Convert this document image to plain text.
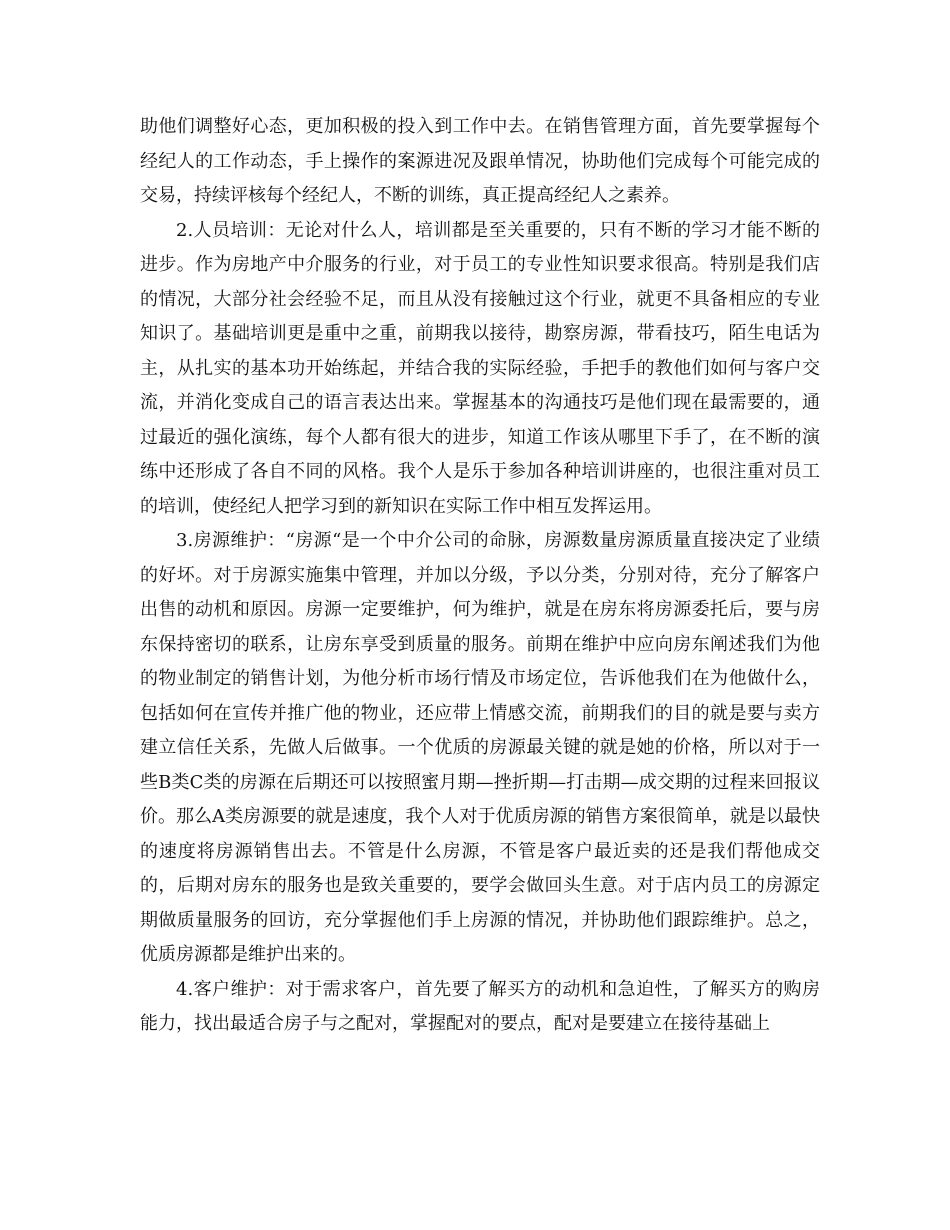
助他们调整好心态，更加积极的投入到工作中去。在销售管理方面，首先要掌握每个经纪人的工作动态，手上操作的案源进况及跟单情况，协助他们完成每个可能完成的交易，持续评核每个经纪人，不断的训练，真正提高经纪人之素养。

2.人员培训：无论对什么人，培训都是至关重要的，只有不断的学习才能不断的进步。作为房地产中介服务的行业，对于员工的专业性知识要求很高。特别是我们店的情况，大部分社会经验不足，而且从没有接触过这个行业，就更不具备相应的专业知识了。基础培训更是重中之重，前期我以接待，勘察房源，带看技巧，陌生电话为主，从扎实的基本功开始练起，并结合我的实际经验，手把手的教他们如何与客户交流，并消化变成自己的语言表达出来。掌握基本的沟通技巧是他们现在最需要的，通过最近的强化演练，每个人都有很大的进步，知道工作该从哪里下手了，在不断的演练中还形成了各自不同的风格。我个人是乐于参加各种培训讲座的，也很注重对员工的培训，使经纪人把学习到的新知识在实际工作中相互发挥运用。

3.房源维护：“房源“是一个中介公司的命脉，房源数量房源质量直接决定了业绩的好坏。对于房源实施集中管理，并加以分级，予以分类，分别对待，充分了解客户出售的动机和原因。房源一定要维护，何为维护，就是在房东将房源委托后，要与房东保持密切的联系，让房东享受到质量的服务。前期在维护中应向房东阐述我们为他的物业制定的销售计划，为他分析市场行情及市场定位，告诉他我们在为他做什么，包括如何在宣传并推广他的物业，还应带上情感交流，前期我们的目的就是要与卖方建立信任关系，先做人后做事。一个优质的房源最关键的就是她的价格，所以对于一些B类C类的房源在后期还可以按照蜜月期—挫折期—打击期—成交期的过程来回报议价。那么A类房源要的就是速度，我个人对于优质房源的销售方案很简单，就是以最快的速度将房源销售出去。不管是什么房源，不管是客户最近卖的还是我们帮他成交的，后期对房东的服务也是致关重要的，要学会做回头生意。对于店内员工的房源定期做质量服务的回访，充分掌握他们手上房源的情况，并协助他们跟踪维护。总之，优质房源都是维护出来的。

4.客户维护：对于需求客户，首先要了解买方的动机和急迫性，了解买方的购房能力，找出最适合房子与之配对，掌握配对的要点，配对是要建立在接待基础上
